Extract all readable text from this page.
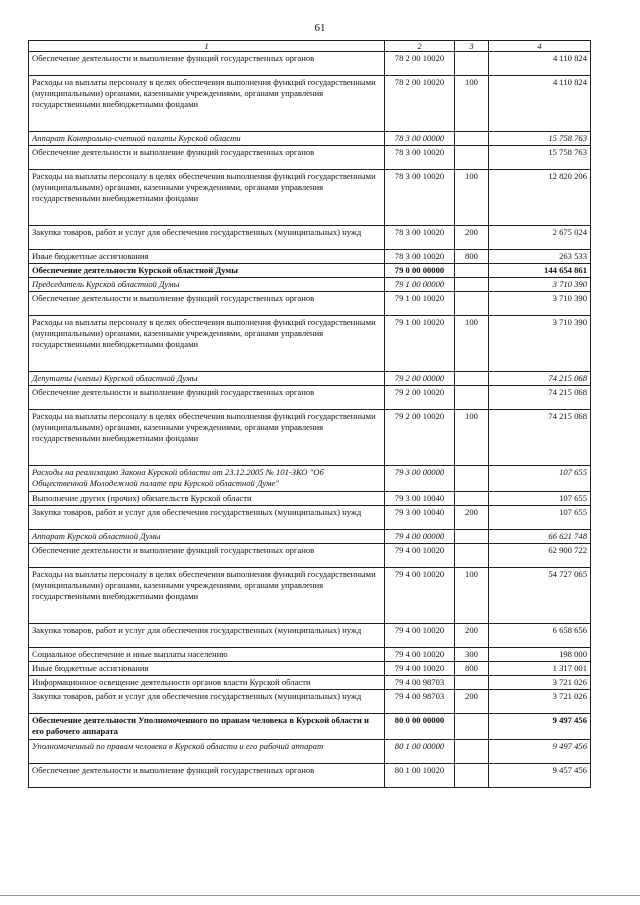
61
1	2	3	4
Обеспечение деятельности и выполнение функций государственных органов	78 2 00 10020		4 110 824
Расходы на выплаты персоналу в целях обеспечения выполнения функций государственными (муниципальными) органами, казенными учреждениями, органами управления государственными внебюджетными фондами	78 2 00 10020	100	4 110 824
Аппарат Контрольно-счетной палаты Курской области	78 3 00 00000		15 758 763
Обеспечение деятельности и выполнение функций государственных органов	78 3 00 10020		15 758 763
Расходы на выплаты персоналу в целях обеспечения выполнения функций государственными (муниципальными) органами, казенными учреждениями, органами управления государственными внебюджетными фондами	78 3 00 10020	100	12 820 206
Закупка товаров, работ и услуг для обеспечения государственных (муниципальных) нужд	78 3 00 10020	200	2 675 024
Иные бюджетные ассигнования	78 3 00 10020	800	263 533
Обеспечение деятельности Курской областной Думы	79 0 00 00000		144 654 861
Председатель Курской областной Думы	79 1 00 00000		3 710 390
Обеспечение деятельности и выполнение функций государственных органов	79 1 00 10020		3 710 390
Расходы на выплаты персоналу в целях обеспечения выполнения функций государственными (муниципальными) органами, казенными учреждениями, органами управления государственными внебюджетными фондами	79 1 00 10020	100	3 710 390
Депутаты (члены) Курской областной Думы	79 2 00 00000		74 215 068
Обеспечение деятельности и выполнение функций государственных органов	79 2 00 10020		74 215 068
Расходы на выплаты персоналу в целях обеспечения выполнения функций государственными (муниципальными) органами, казенными учреждениями, органами управления государственными внебюджетными фондами	79 2 00 10020	100	74 215 068
Расходы на реализацию Закона Курской области от 23.12.2005 № 101-ЗКО "Об Общественной Молодежной палате при Курской областной Думе"	79 3 00 00000		107 655
Выполнение других (прочих) обязательств Курской области	79 3 00 10040		107 655
Закупка товаров, работ и услуг для обеспечения государственных (муниципальных) нужд	79 3 00 10040	200	107 655
Аппарат Курской областной Думы	79 4 00 00000		66 621 748
Обеспечение деятельности и выполнение функций государственных органов	79 4 00 10020		62 900 722
Расходы на выплаты персоналу в целях обеспечения выполнения функций государственными (муниципальными) органами, казенными учреждениями, органами управления государственными внебюджетными фондами	79 4 00 10020	100	54 727 065
Закупка товаров, работ и услуг для обеспечения государственных (муниципальных) нужд	79 4 00 10020	200	6 658 656
Социальное обеспечение и иные выплаты населению	79 4 00 10020	300	198 000
Иные бюджетные ассигнования	79 4 00 10020	800	1 317 001
Информационное освещение деятельности органов власти Курской области	79 4 00 98703		3 721 026
Закупка товаров, работ и услуг для обеспечения государственных (муниципальных) нужд	79 4 00 98703	200	3 721 026
Обеспечение деятельности Уполномоченного по правам человека в Курской области и его рабочего аппарата	80 0 00 00000		9 497 456
Уполномоченный по правам человека в Курской области и его рабочий аппарат	80 1 00 00000		9 497 456
Обеспечение деятельности и выполнение функций государственных органов	80 1 00 10020		9 457 456
